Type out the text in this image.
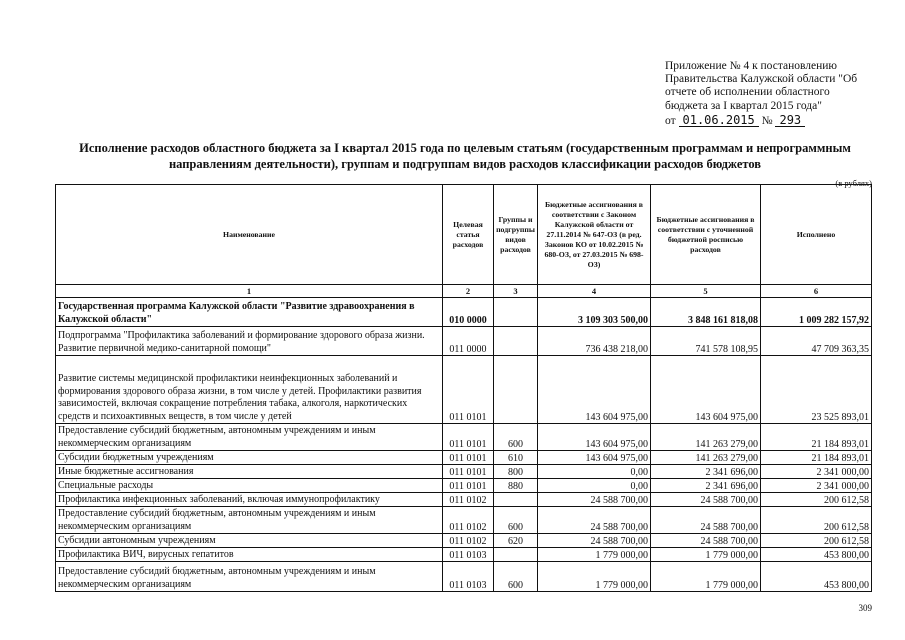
Приложение № 4 к постановлению
Правительства Калужской области "Об
отчете об исполнении областного
бюджета за I квартал 2015 года"
от 01.06.2015 № 293
Исполнение расходов областного бюджета за I квартал 2015 года по целевым статьям (государственным программам и непрограммным
направлениям деятельности), группам и подгруппам видов расходов классификации расходов бюджетов
(в рублях)
Наименование	Целевая статья расходов	Группы и подгруппы видов расходов	Бюджетные ассигнования в соответствии с Законом Калужской области от 27.11.2014 № 647-ОЗ (в ред. Законов КО от 10.02.2015 № 680-ОЗ, от 27.03.2015 № 698-ОЗ)	Бюджетные ассигнования в соответствии с уточненной бюджетной росписью расходов	Исполнено
1	2	3	4	5	6
Государственная программа Калужской области "Развитие здравоохранения в Калужской области"	010 0000		3 109 303 500,00	3 848 161 818,08	1 009 282 157,92
Подпрограмма "Профилактика заболеваний и формирование здорового образа жизни. Развитие первичной медико-санитарной помощи"	011 0000		736 438 218,00	741 578 108,95	47 709 363,35
Развитие системы медицинской профилактики неинфекционных заболеваний и формирования здорового образа жизни, в том числе у детей. Профилактики развития зависимостей, включая сокращение потребления табака, алкоголя, наркотических средств и психоактивных веществ, в том числе у детей	011 0101		143 604 975,00	143 604 975,00	23 525 893,01
Предоставление субсидий бюджетным, автономным учреждениям и иным некоммерческим организациям	011 0101	600	143 604 975,00	141 263 279,00	21 184 893,01
Субсидии бюджетным учреждениям	011 0101	610	143 604 975,00	141 263 279,00	21 184 893,01
Иные бюджетные ассигнования	011 0101	800	0,00	2 341 696,00	2 341 000,00
Специальные расходы	011 0101	880	0,00	2 341 696,00	2 341 000,00
Профилактика инфекционных заболеваний, включая иммунопрофилактику	011 0102		24 588 700,00	24 588 700,00	200 612,58
Предоставление субсидий бюджетным, автономным учреждениям и иным некоммерческим организациям	011 0102	600	24 588 700,00	24 588 700,00	200 612,58
Субсидии автономным учреждениям	011 0102	620	24 588 700,00	24 588 700,00	200 612,58
Профилактика ВИЧ, вирусных гепатитов	011 0103		1 779 000,00	1 779 000,00	453 800,00
Предоставление субсидий бюджетным, автономным учреждениям и иным некоммерческим организациям	011 0103	600	1 779 000,00	1 779 000,00	453 800,00
309
